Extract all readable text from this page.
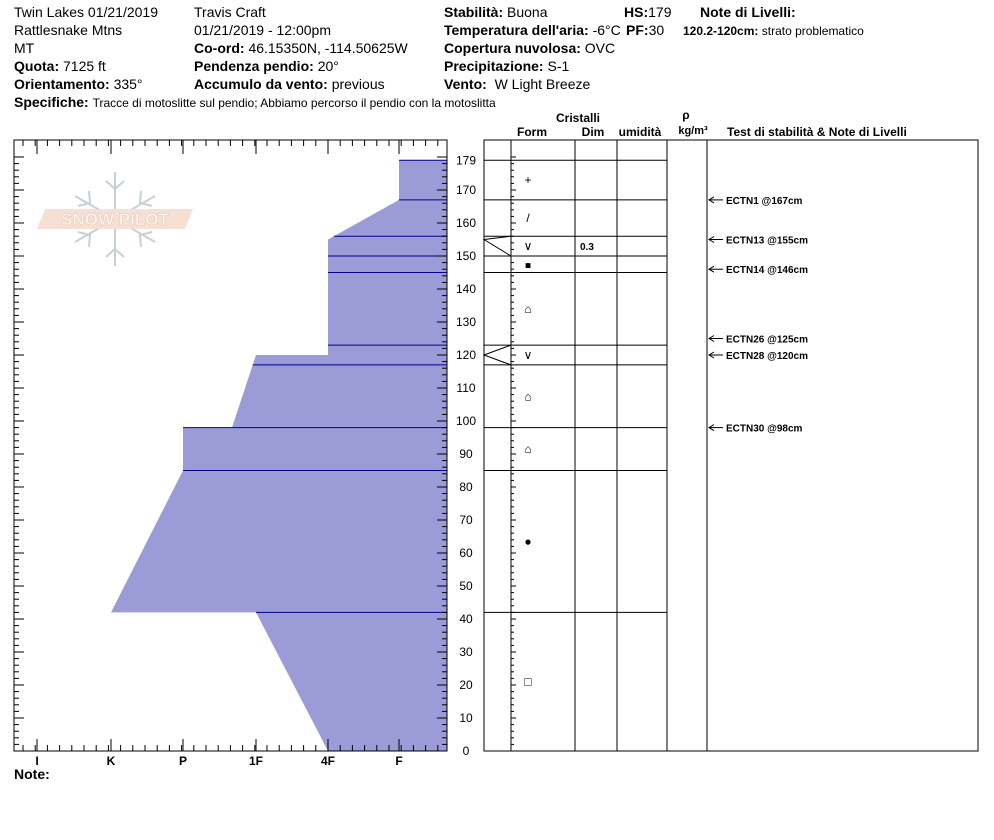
Twin Lakes 01/21/2019
Rattlesnake Mtns
MT
Quota: 7125 ft
Orientamento: 335°
Specifiche: Tracce di motoslitte sul pendio; Abbiamo percorso il pendio con la motoslitta
Travis Craft
01/21/2019 - 12:00pm
Co-ord: 46.15350N, -114.50625W
Pendenza pendio: 20°
Accumulo da vento: previous
Stabilità: Buona
Temperatura dell'aria: -6°C
Copertura nuvolosa: OVC
Precipitazione: S-1
Vento: W Light Breeze
HS:179
PF:30
Note di Livelli:
120.2-120cm: strato problematico
Note:
I	K	P	1F	4F	F
0
10
20
30
40
50
60
70
80
90
100
110
120
130
140
150
160
170
179
+
/
∨	0.3
■
⌂
∨
⌂
⌂
●
□
ECTN1 @167cm
ECTN13 @155cm
ECTN14 @146cm
ECTN26 @125cm
ECTN28 @120cm
ECTN30 @98cm
Cristalli
Form	Dim umidità
ρ
kg/m³ Test di stabilità & Note di Livelli
SNOW PILOT
